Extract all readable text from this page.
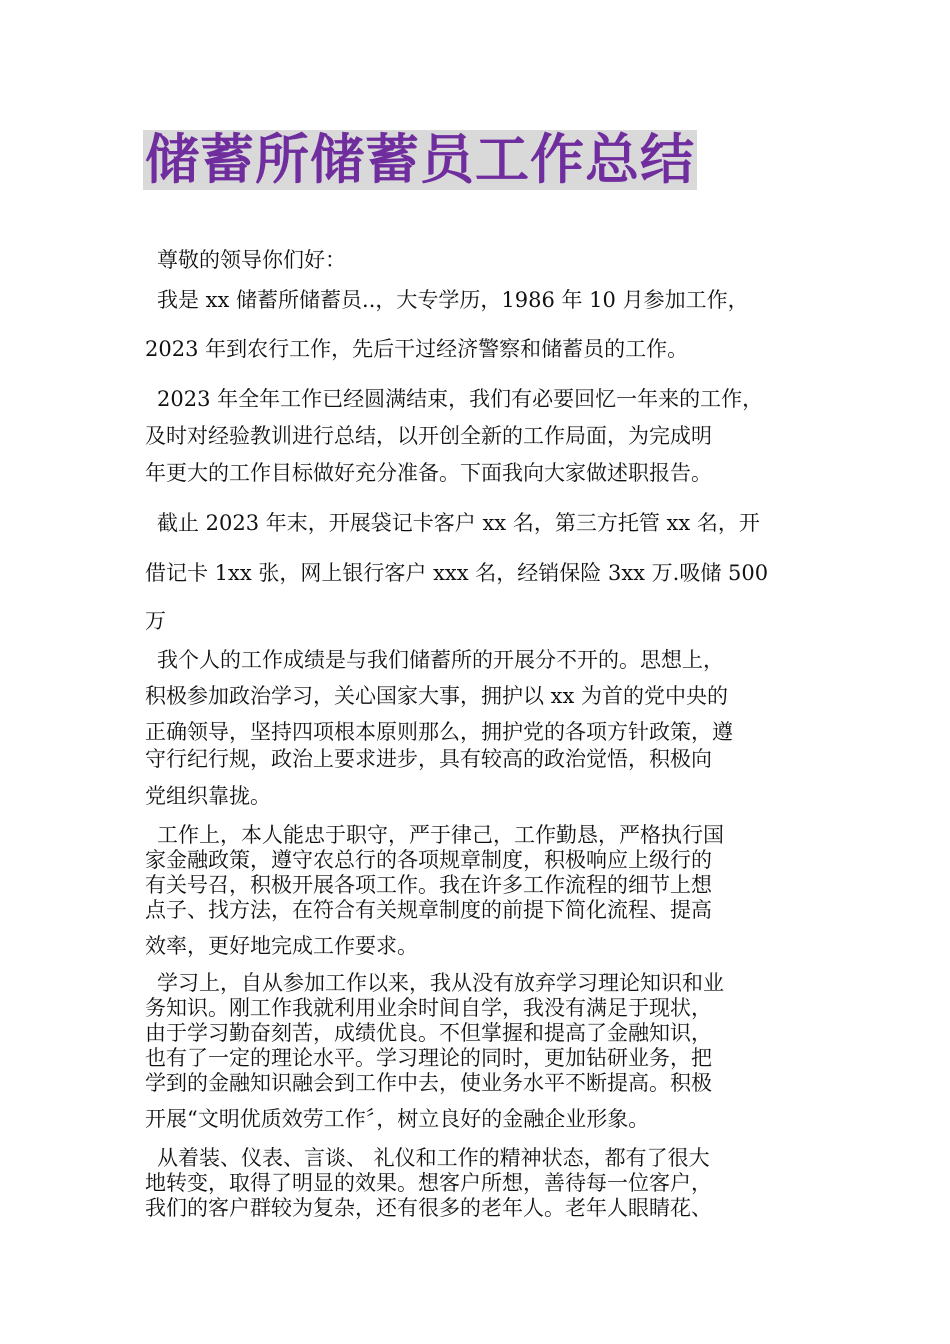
储蓄所储蓄员工作总结
尊敬的领导你们好：
我是 xx 储蓄所储蓄员..，大专学历，1986 年 10 月参加工作，
2023 年到农行工作，先后干过经济警察和储蓄员的工作。
2023 年全年工作已经圆满结束，我们有必要回忆一年来的工作，
及时对经验教训进行总结，以开创全新的工作局面，为完成明
年更大的工作目标做好充分准备。下面我向大家做述职报告。
截止 2023 年末，开展袋记卡客户 xx 名，第三方托管 xx 名，开
借记卡 1xx 张，网上银行客户 xxx 名，经销保险 3xx 万.吸储 500
万
我个人的工作成绩是与我们储蓄所的开展分不开的。思想上，
积极参加政治学习，关心国家大事，拥护以 xx 为首的党中央的
正确领导，坚持四项根本原则那么，拥护党的各项方针政策，遵
守行纪行规，政治上要求进步，具有较高的政治觉悟，积极向
党组织靠拢。
工作上，本人能忠于职守，严于律己，工作勤恳，严格执行国
家金融政策，遵守农总行的各项规章制度，积极响应上级行的
有关号召，积极开展各项工作。我在许多工作流程的细节上想
点子、找方法，在符合有关规章制度的前提下简化流程、提高
效率，更好地完成工作要求。
学习上，自从参加工作以来，我从没有放弃学习理论知识和业
务知识。刚工作我就利用业余时间自学，我没有满足于现状，
由于学习勤奋刻苦，成绩优良。不但掌握和提高了金融知识，
也有了一定的理论水平。学习理论的同时，更加钻研业务，把
学到的金融知识融会到工作中去，使业务水平不断提高。积极
开展“文明优质效劳工作〞，树立良好的金融企业形象。
从着装、仪表、言谈、 礼仪和工作的精神状态，都有了很大
地转变，取得了明显的效果。想客户所想，善待每一位客户，
我们的客户群较为复杂，还有很多的老年人。老年人眼睛花、
